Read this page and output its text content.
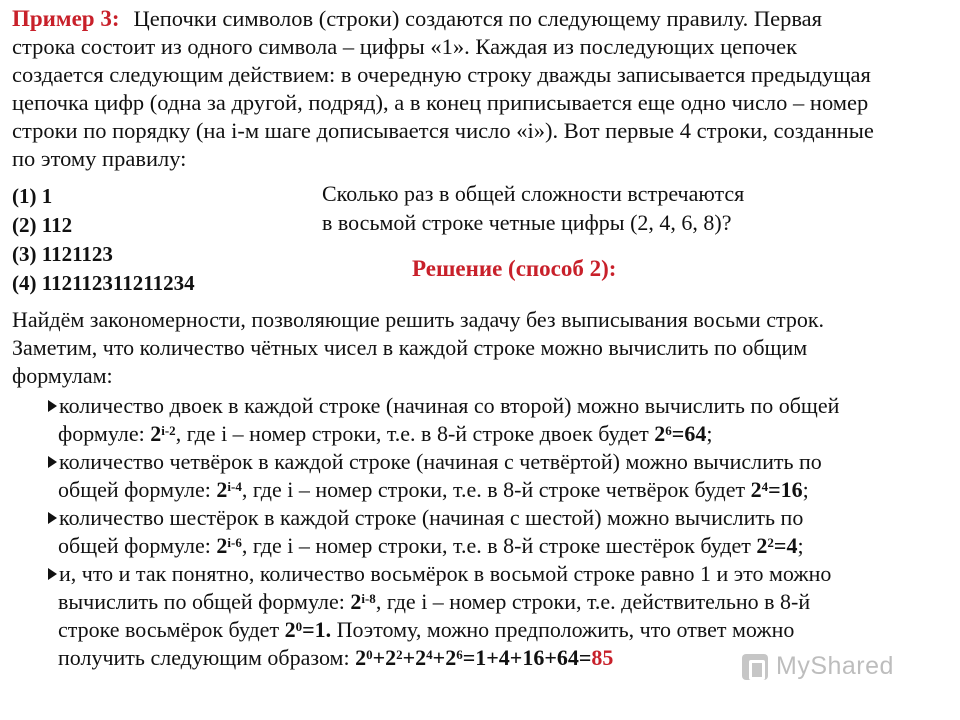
Пример 3: Цепочки символов (строки) создаются по следующему правилу. Первая
строка состоит из одного символа – цифры «1». Каждая из последующих цепочек
создается следующим действием: в очередную строку дважды записывается предыдущая
цепочка цифр (одна за другой, подряд), а в конец приписывается еще одно число – номер
строки по порядку (на i-м шаге дописывается число «i»). Вот первые 4 строки, созданные
по этому правилу:
(1) 1
(2) 112
(3) 1121123
(4) 112112311211234
Сколько раз в общей сложности встречаются
в восьмой строке четные цифры (2, 4, 6, 8)?
Решение (способ 2):
Найдём закономерности, позволяющие решить задачу без выписывания восьми строк.
Заметим, что количество чётных чисел в каждой строке можно вычислить по общим
формулам:
количество двоек в каждой строке (начиная со второй) можно вычислить по общей
формуле: 2$^{i-2}$, где i – номер строки, т.е. в 8-й строке двоек будет $2^6=64$;
количество четвёрок в каждой строке (начиная с четвёртой) можно вычислить по
общей формуле: 2$^{i-4}$, где i – номер строки, т.е. в 8-й строке четвёрок будет $2^4=16$;
количество шестёрок в каждой строке (начиная с шестой) можно вычислить по
общей формуле: 2$^{i-6}$, где i – номер строки, т.е. в 8-й строке шестёрок будет $2^2=4$;
и, что и так понятно, количество восьмёрок в восьмой строке равно 1 и это можно
вычислить по общей формуле: 2$^{i-8}$, где i – номер строки, т.е. действительно в 8-й
строке восьмёрок будет $2^0=1$. Поэтому, можно предположить, что ответ можно
получить следующим образом: $2^0+2^2+2^4+2^6=1+4+16+64=85$	MyShared
